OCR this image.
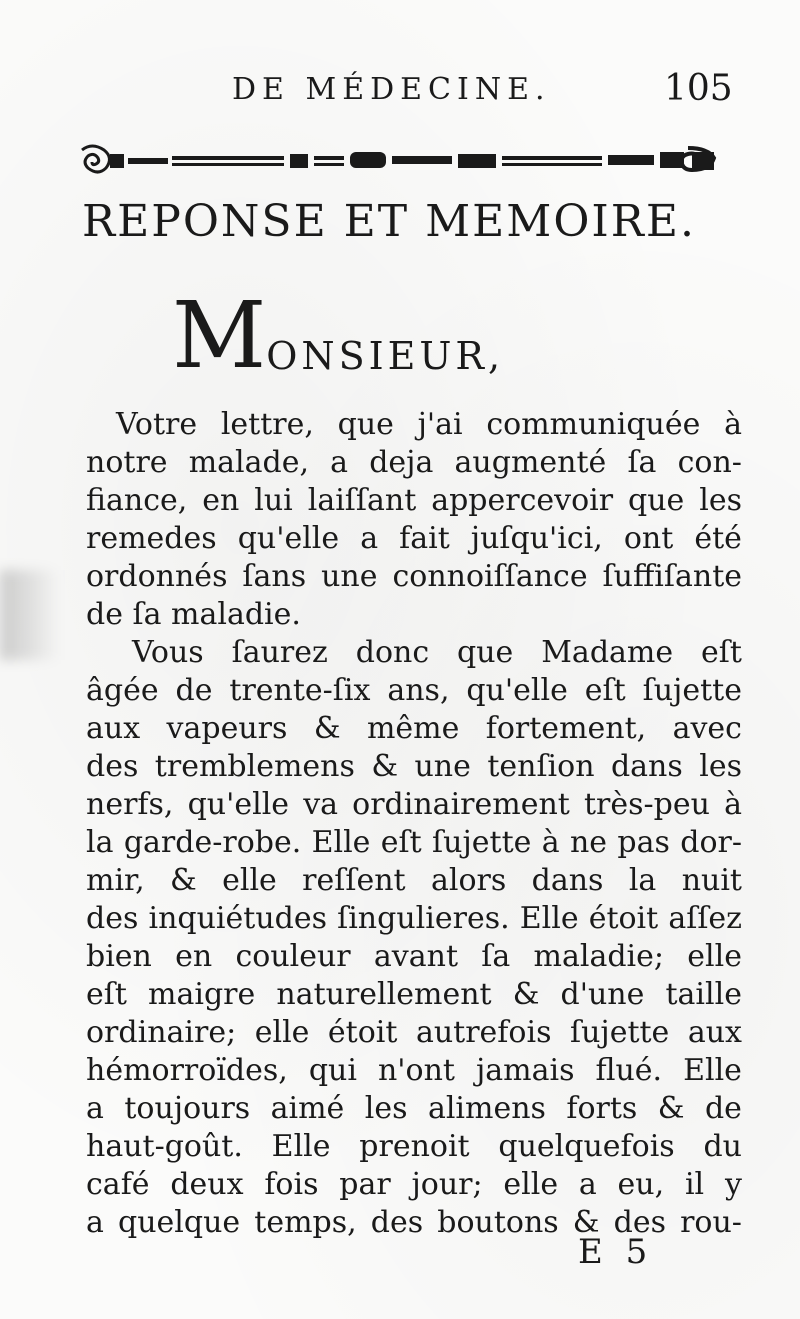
DE MÉDECINE.	105
REPONSE ET MEMOIRE.
MONSIEUR,
Votre lettre, que j'ai communiquée à
notre malade, a deja augmenté ſa con-
fiance, en lui laiſſant appercevoir que les
remedes qu'elle a fait juſqu'ici, ont été
ordonnés ſans une connoiſſance ſuffiſante
de ſa maladie.
Vous ſaurez donc que Madame eſt
âgée de trente-ſix ans, qu'elle eſt ſujette
aux vapeurs & même fortement, avec
des tremblemens & une tenſion dans les
nerfs, qu'elle va ordinairement très-peu à
la garde-robe. Elle eſt ſujette à ne pas dor-
mir, & elle reſſent alors dans la nuit
des inquiétudes ſingulieres. Elle étoit aſſez
bien en couleur avant ſa maladie; elle
eſt maigre naturellement & d'une taille
ordinaire; elle étoit autrefois ſujette aux
hémorroïdes, qui n'ont jamais flué. Elle
a toujours aimé les alimens forts & de
haut-goût. Elle prenoit quelquefois du
café deux fois par jour; elle a eu, il y
a quelque temps, des boutons & des rou-
E 5
